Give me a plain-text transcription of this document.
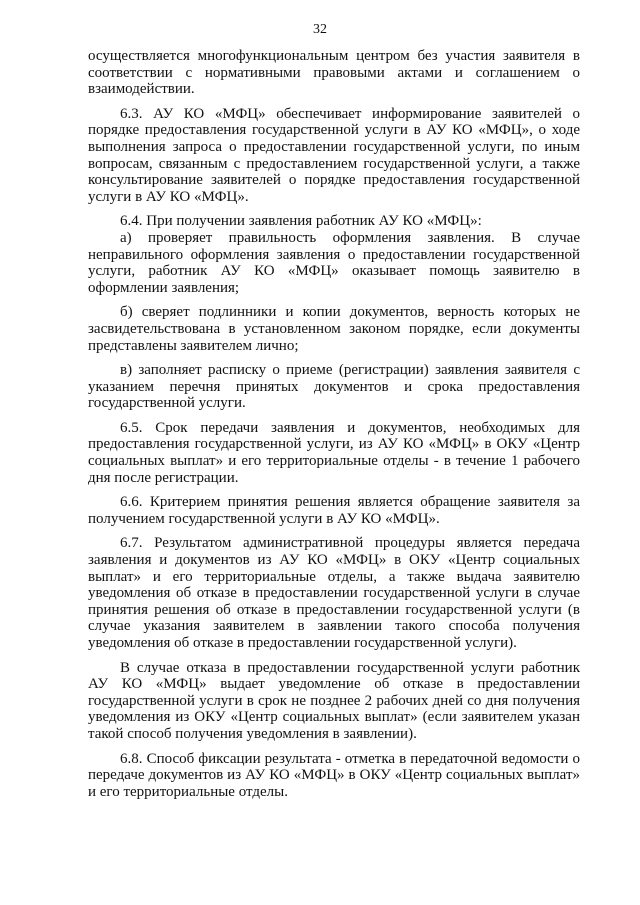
32

осуществляется многофункциональным центром без участия заявителя в соответствии с нормативными правовыми актами и соглашением о взаимодействии.

6.3. АУ КО «МФЦ» обеспечивает информирование заявителей о порядке предоставления государственной услуги в АУ КО «МФЦ», о ходе выполнения запроса о предоставлении государственной услуги, по иным вопросам, связанным с предоставлением государственной услуги, а также консультирование заявителей о порядке предоставления государственной услуги в АУ КО «МФЦ».

6.4. При получении заявления работник АУ КО «МФЦ»:

а) проверяет правильность оформления заявления. В случае неправильного оформления заявления о предоставлении государственной услуги, работник АУ КО «МФЦ» оказывает помощь заявителю в оформлении заявления;

б) сверяет подлинники и копии документов, верность которых не засвидетельствована в установленном законом порядке, если документы представлены заявителем лично;

в) заполняет расписку о приеме (регистрации) заявления заявителя с указанием перечня принятых документов и срока предоставления государственной услуги.

6.5. Срок передачи заявления и документов, необходимых для предоставления государственной услуги, из АУ КО «МФЦ» в ОКУ «Центр социальных выплат» и его территориальные отделы - в течение 1 рабочего дня после регистрации.

6.6. Критерием принятия решения является обращение заявителя за получением государственной услуги в АУ КО «МФЦ».

6.7. Результатом административной процедуры является передача заявления и документов из АУ КО «МФЦ» в ОКУ «Центр социальных выплат» и его территориальные отделы, а также выдача заявителю уведомления об отказе в предоставлении государственной услуги в случае принятия решения об отказе в предоставлении государственной услуги (в случае указания заявителем в заявлении такого способа получения уведомления об отказе в предоставлении государственной услуги).

В случае отказа в предоставлении государственной услуги работник АУ КО «МФЦ» выдает уведомление об отказе в предоставлении государственной услуги в срок не позднее 2 рабочих дней со дня получения уведомления из ОКУ «Центр социальных выплат» (если заявителем указан такой способ получения уведомления в заявлении).

6.8. Способ фиксации результата - отметка в передаточной ведомости о передаче документов из АУ КО «МФЦ» в ОКУ «Центр социальных выплат» и его территориальные отделы.
